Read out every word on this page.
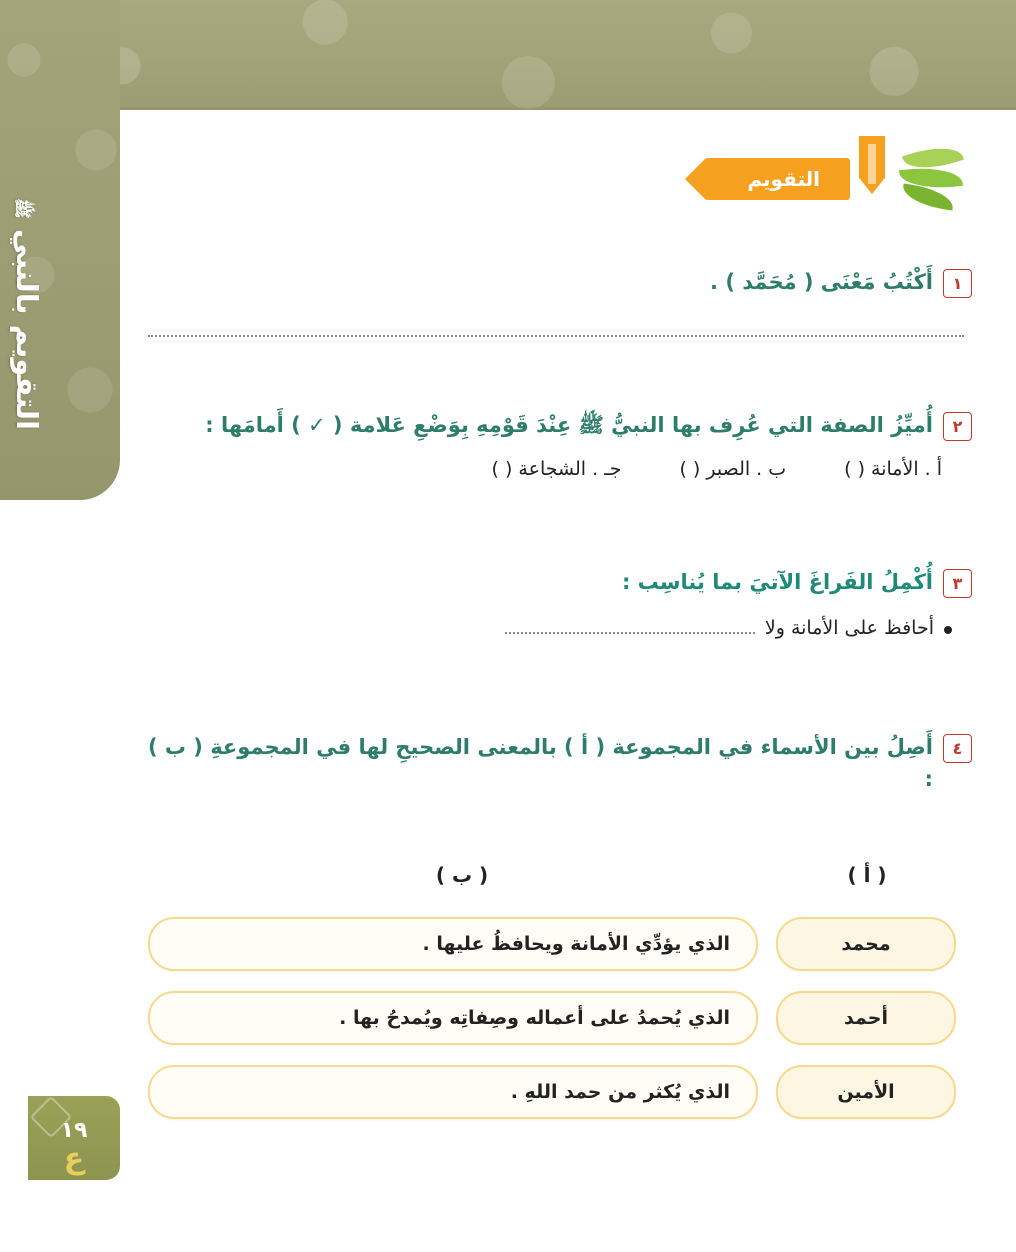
التقويم بالنبي ﷺ
١٩
ع
التقويم
١
أَكْتُبُ مَعْنَى ( مُحَمَّد ) .
٢
أُميِّزُ الصفة التي عُرِف بها النبيُّ ﷺ عِنْدَ قَوْمِهِ بِوَضْعِ عَلامة ( ✓ ) أَمامَها :
أ . الأمانة ( )
ب . الصبر ( )
جـ . الشجاعة ( )
٣
أُكْمِلُ الفَراغَ الآتيَ بما يُناسِب :
أحافظ على الأمانة ولا
٤
أَصِلُ بين الأسماء في المجموعة ( أ ) بالمعنى الصحيحِ لها في المجموعةِ ( ب ) :
( أ )
( ب )
محمد
الذي يؤدِّي الأمانة ويحافظُ عليها .
أحمد
الذي يُحمدُ على أعماله وصِفاتِه ويُمدحُ بها .
الأمين
الذي يُكثر من حمد اللهِ .
